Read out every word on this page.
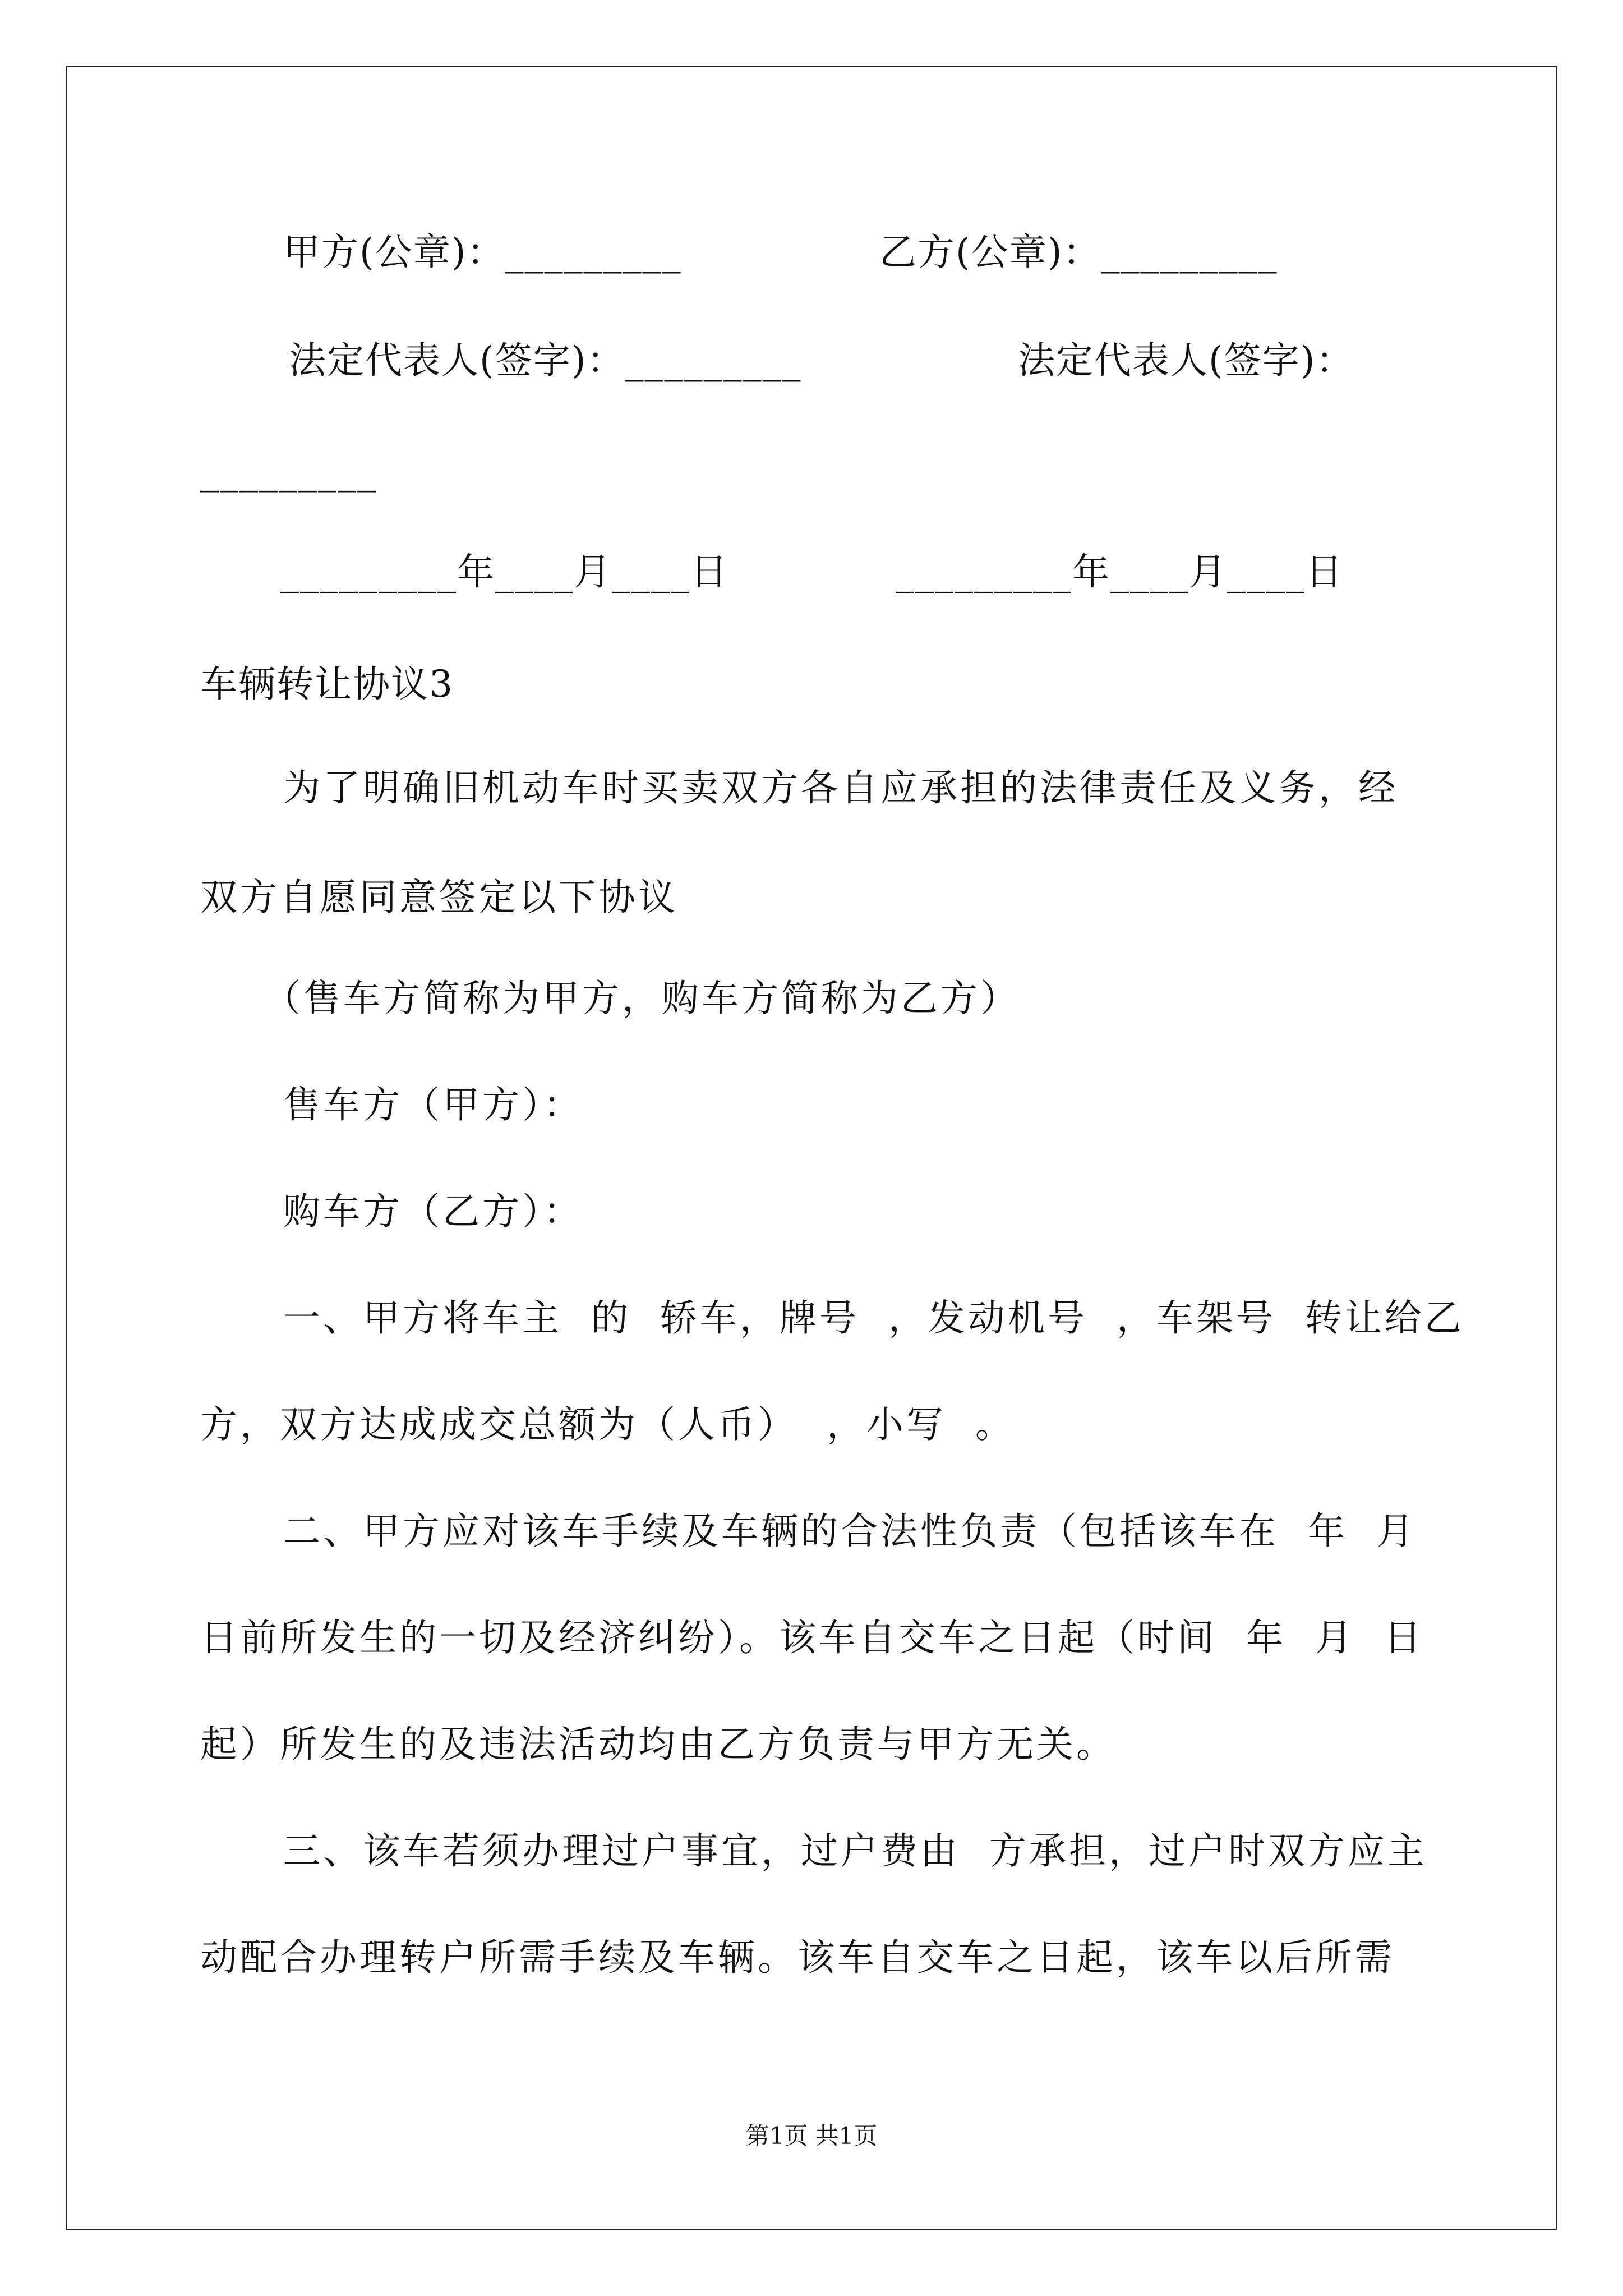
甲方(公章)：_________	乙方(公章)：_________
法定代表人(签字)：_________	法定代表人(签字)：
_________
_________年____月____日	_________年____月____日
车辆转让协议3
为了明确旧机动车时买卖双方各自应承担的法律责任及义务，经
双方自愿同意签定以下协议
（售车方简称为甲方，购车方简称为乙方）
售车方（甲方）：
购车方（乙方）：
一、甲方将车主  的  轿车，牌号  ，发动机号  ，车架号  转让给乙
方，双方达成成交总额为（人币）  ，小写  。
二、甲方应对该车手续及车辆的合法性负责（包括该车在  年  月
日前所发生的一切及经济纠纷）。该车自交车之日起（时间  年  月  日
起）所发生的及违法活动均由乙方负责与甲方无关。
三、该车若须办理过户事宜，过户费由  方承担，过户时双方应主
动配合办理转户所需手续及车辆。该车自交车之日起，该车以后所需
第1页 共1页
